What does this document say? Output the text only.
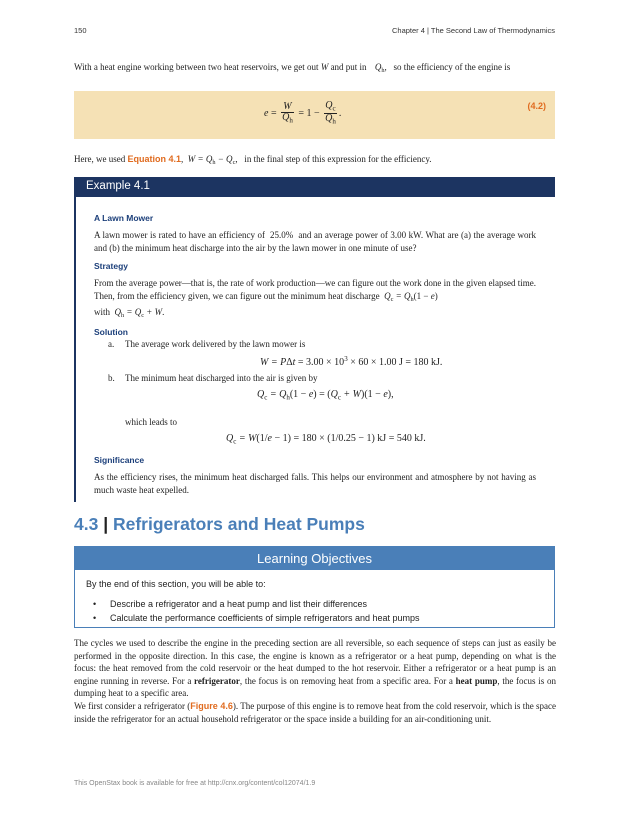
150	Chapter 4 | The Second Law of Thermodynamics
With a heat engine working between two heat reservoirs, we get out W and put in $Q_h$,   so the efficiency of the engine is
$e = \frac{W}{Q_h} = 1 - \frac{Q_c}{Q_h}$ .
(4.2)
Here, we used Equation 4.1,  $W = Q_h - Q_c$,   in the final step of this expression for the efficiency.
Example 4.1
A Lawn Mower
A lawn mower is rated to have an efficiency of 25.0% and an average power of 3.00 kW. What are (a) the average work and (b) the minimum heat discharge into the air by the lawn mower in one minute of use?
Strategy
From the average power—that is, the rate of work production—we can figure out the work done in the given elapsed time. Then, from the efficiency given, we can figure out the minimum heat discharge $Q_c = Q_h(1 - e)$
with $Q_h = Q_c + W$.
Solution
a. The average work delivered by the lawn mower is
$W = P\Delta t = 3.00 \times 10^3 \times 60 \times 1.00$ J = 180 kJ.
b. The minimum heat discharged into the air is given by
$Q_c = Q_h(1 - e) = (Q_c + W)(1 - e)$,
which leads to
$Q_c = W(1/e - 1) = 180 \times (1/0.25 - 1)$ kJ = 540 kJ.
Significance
As the efficiency rises, the minimum heat discharged falls. This helps our environment and atmosphere by not having as much waste heat expelled.
4.3 | Refrigerators and Heat Pumps
Learning Objectives
By the end of this section, you will be able to:
• Describe a refrigerator and a heat pump and list their differences
• Calculate the performance coefficients of simple refrigerators and heat pumps
The cycles we used to describe the engine in the preceding section are all reversible, so each sequence of steps can just as easily be performed in the opposite direction. In this case, the engine is known as a refrigerator or a heat pump, depending on what is the focus: the heat removed from the cold reservoir or the heat dumped to the hot reservoir. Either a refrigerator or a heat pump is an engine running in reverse. For a refrigerator, the focus is on removing heat from a specific area. For a heat pump, the focus is on dumping heat to a specific area.
We first consider a refrigerator (Figure 4.6). The purpose of this engine is to remove heat from the cold reservoir, which is the space inside the refrigerator for an actual household refrigerator or the space inside a building for an air-conditioning unit.
This OpenStax book is available for free at http://cnx.org/content/col12074/1.9
